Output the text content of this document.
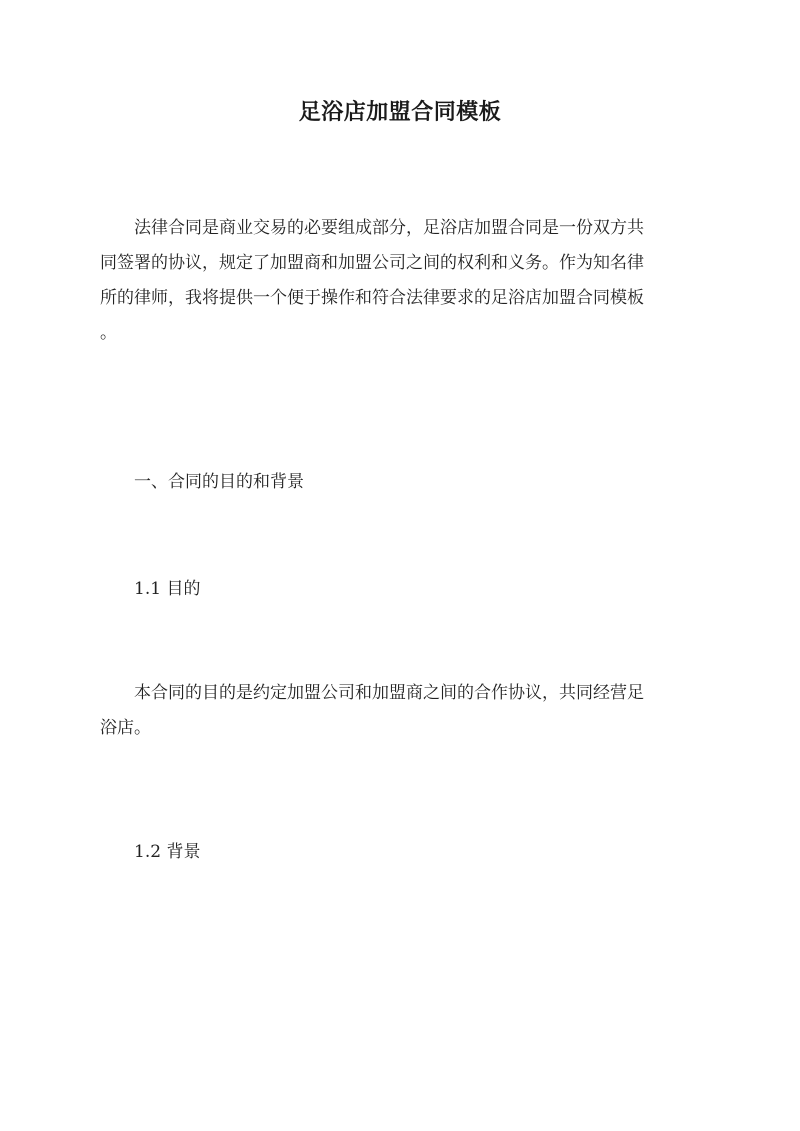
足浴店加盟合同模板
法律合同是商业交易的必要组成部分，足浴店加盟合同是一份双方共
同签署的协议，规定了加盟商和加盟公司之间的权利和义务。作为知名律
所的律师，我将提供一个便于操作和符合法律要求的足浴店加盟合同模板
。
一、合同的目的和背景
1.1 目的
本合同的目的是约定加盟公司和加盟商之间的合作协议，共同经营足
浴店。
1.2 背景
